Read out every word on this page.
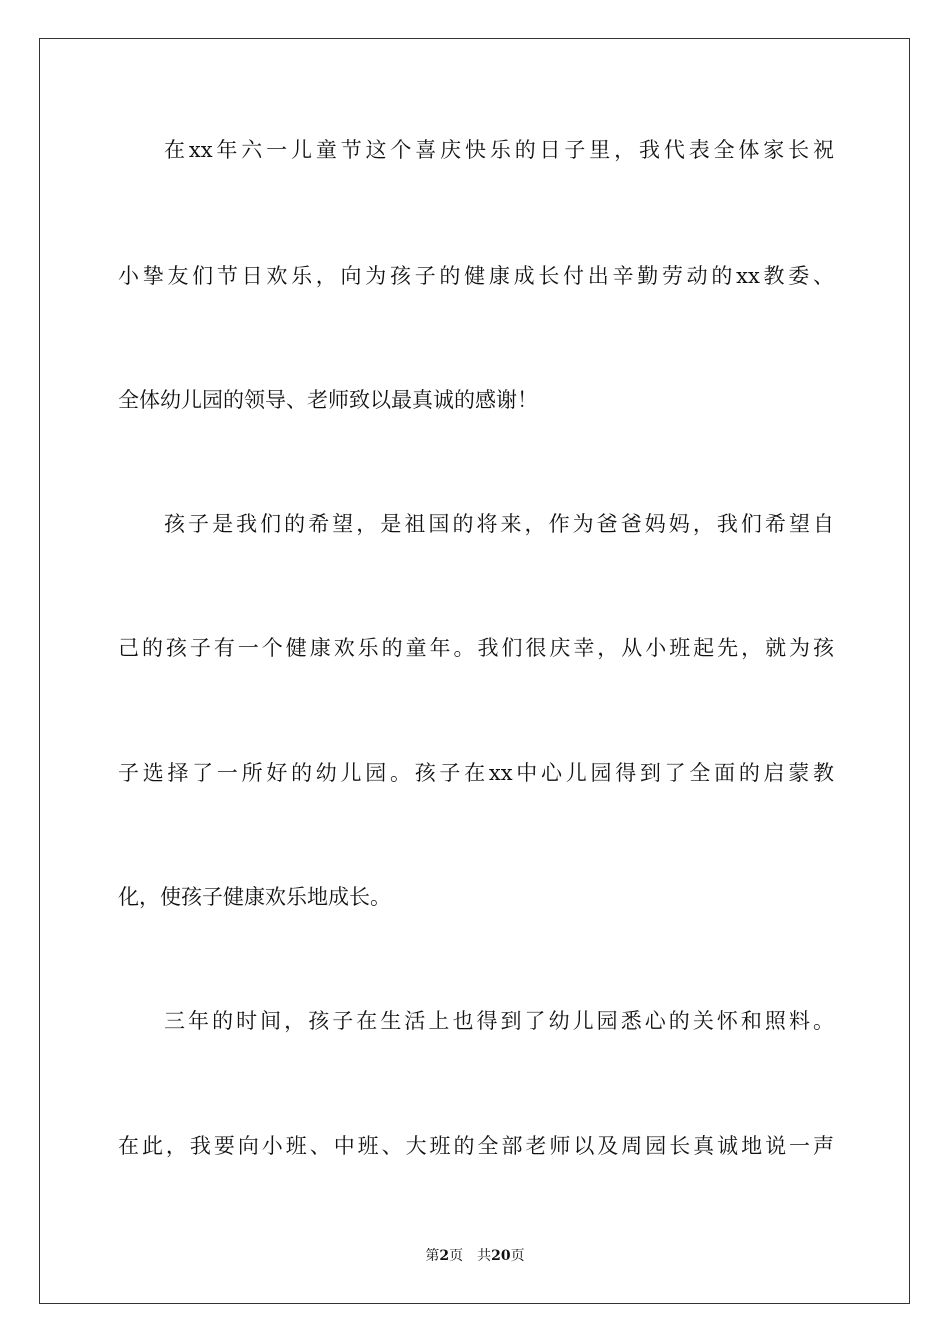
在xx年六一儿童节这个喜庆快乐的日子里，我代表全体家长祝
小挚友们节日欢乐，向为孩子的健康成长付出辛勤劳动的xx教委、
全体幼儿园的领导、老师致以最真诚的感谢！
孩子是我们的希望，是祖国的将来，作为爸爸妈妈，我们希望自
己的孩子有一个健康欢乐的童年。我们很庆幸，从小班起先，就为孩
子选择了一所好的幼儿园。孩子在xx中心儿园得到了全面的启蒙教
化，使孩子健康欢乐地成长。
三年的时间，孩子在生活上也得到了幼儿园悉心的关怀和照料。
在此，我要向小班、中班、大班的全部老师以及周园长真诚地说一声
第2页 共20页
